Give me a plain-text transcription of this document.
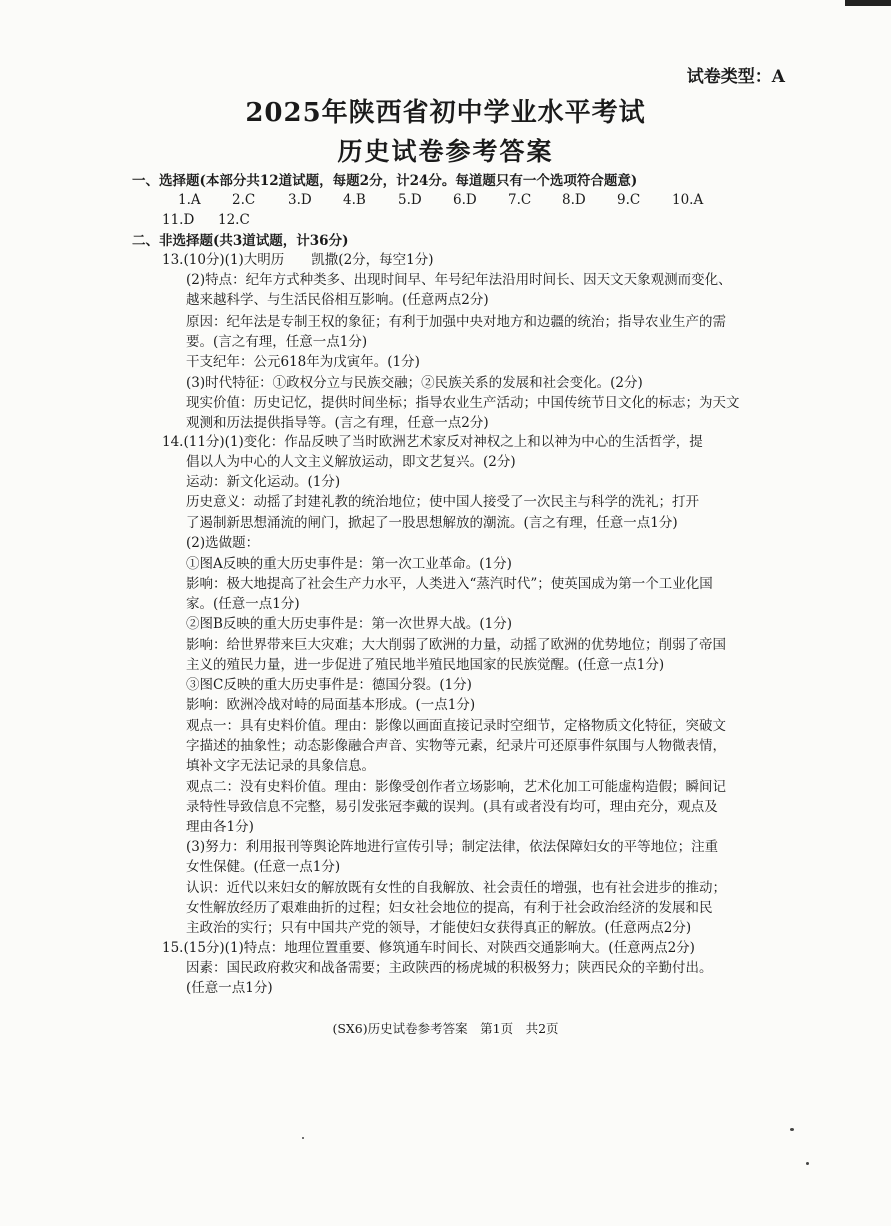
试卷类型：A
2025年陕西省初中学业水平考试
历史试卷参考答案
一、选择题(本部分共12道试题，每题2分，计24分。每道题只有一个选项符合题意)
1.A 2.C 3.D 4.B 5.D 6.D 7.C 8.D 9.C 10.A
11.D 12.C
二、非选择题(共3道试题，计36分)
13.(10分)(1)大明历　　凯撒(2分，每空1分)
(2)特点：纪年方式种类多、出现时间早、年号纪年法沿用时间长、因天文天象观测而变化、
越来越科学、与生活民俗相互影响。(任意两点2分)
原因：纪年法是专制王权的象征；有利于加强中央对地方和边疆的统治；指导农业生产的需
要。(言之有理，任意一点1分)
干支纪年：公元618年为戊寅年。(1分)
(3)时代特征：①政权分立与民族交融；②民族关系的发展和社会变化。(2分)
现实价值：历史记忆，提供时间坐标；指导农业生产活动；中国传统节日文化的标志；为天文
观测和历法提供指导等。(言之有理，任意一点2分)
14.(11分)(1)变化：作品反映了当时欧洲艺术家反对神权之上和以神为中心的生活哲学，提
倡以人为中心的人文主义解放运动，即文艺复兴。(2分)
运动：新文化运动。(1分)
历史意义：动摇了封建礼教的统治地位；使中国人接受了一次民主与科学的洗礼；打开
了遏制新思想涌流的闸门，掀起了一股思想解放的潮流。(言之有理，任意一点1分)
(2)选做题：
①图A反映的重大历史事件是：第一次工业革命。(1分)
影响：极大地提高了社会生产力水平，人类进入“蒸汽时代”；使英国成为第一个工业化国
家。(任意一点1分)
②图B反映的重大历史事件是：第一次世界大战。(1分)
影响：给世界带来巨大灾难；大大削弱了欧洲的力量，动摇了欧洲的优势地位；削弱了帝国
主义的殖民力量，进一步促进了殖民地半殖民地国家的民族觉醒。(任意一点1分)
③图C反映的重大历史事件是：德国分裂。(1分)
影响：欧洲冷战对峙的局面基本形成。(一点1分)
观点一：具有史料价值。理由：影像以画面直接记录时空细节，定格物质文化特征，突破文
字描述的抽象性；动态影像融合声音、实物等元素，纪录片可还原事件氛围与人物微表情，
填补文字无法记录的具象信息。
观点二：没有史料价值。理由：影像受创作者立场影响，艺术化加工可能虚构造假；瞬间记
录特性导致信息不完整，易引发张冠李戴的误判。(具有或者没有均可，理由充分，观点及
理由各1分)
(3)努力：利用报刊等舆论阵地进行宣传引导；制定法律，依法保障妇女的平等地位；注重
女性保健。(任意一点1分)
认识：近代以来妇女的解放既有女性的自我解放、社会责任的增强，也有社会进步的推动；
女性解放经历了艰难曲折的过程；妇女社会地位的提高，有利于社会政治经济的发展和民
主政治的实行；只有中国共产党的领导，才能使妇女获得真正的解放。(任意两点2分)
15.(15分)(1)特点：地理位置重要、修筑通车时间长、对陕西交通影响大。(任意两点2分)
因素：国民政府救灾和战备需要；主政陕西的杨虎城的积极努力；陕西民众的辛勤付出。
(任意一点1分)
(SX6)历史试卷参考答案　第1页　共2页
